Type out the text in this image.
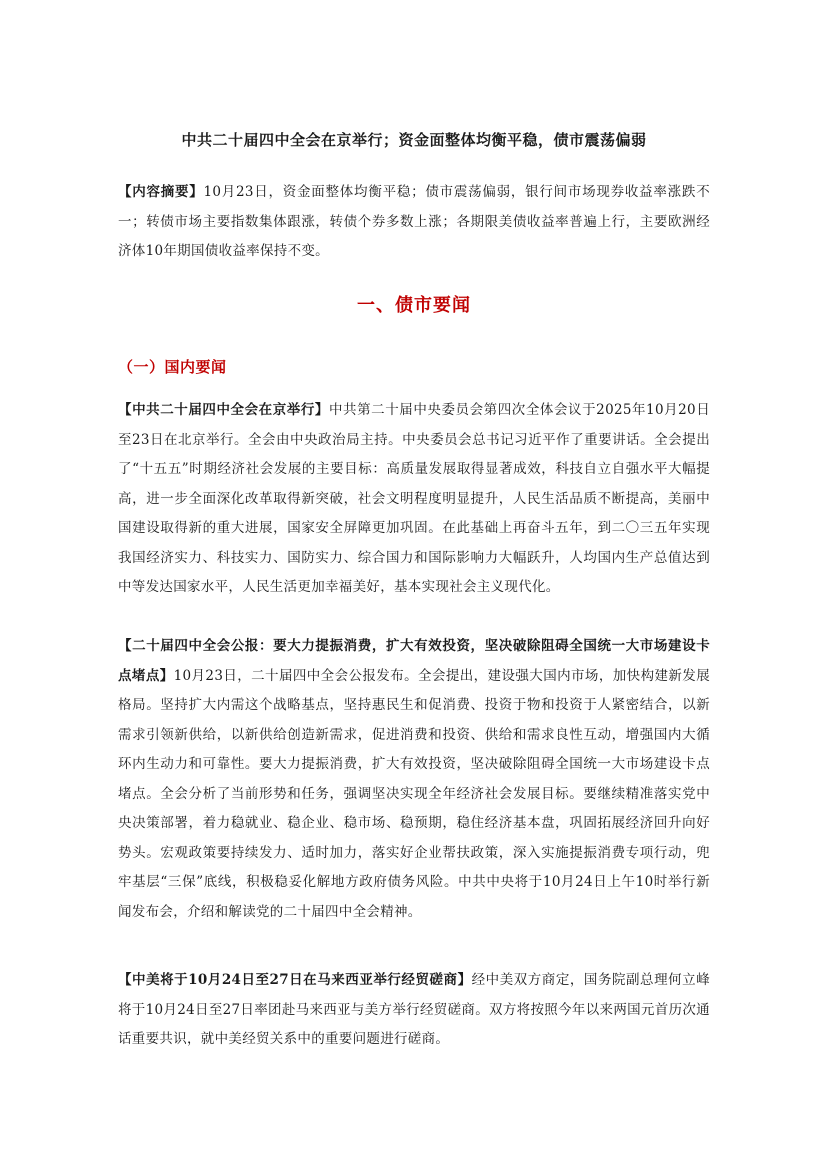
中共二十届四中全会在京举行；资金面整体均衡平稳，债市震荡偏弱

【内容摘要】10月23日，资金面整体均衡平稳；债市震荡偏弱，银行间市场现券收益率涨跌不一；转债市场主要指数集体跟涨，转债个券多数上涨；各期限美债收益率普遍上行，主要欧洲经济体10年期国债收益率保持不变。

一、债市要闻
（一）国内要闻

【中共二十届四中全会在京举行】中共第二十届中央委员会第四次全体会议于2025年10月20日至23日在北京举行。全会由中央政治局主持。中央委员会总书记习近平作了重要讲话。全会提出了“十五五”时期经济社会发展的主要目标：高质量发展取得显著成效，科技自立自强水平大幅提高，进一步全面深化改革取得新突破，社会文明程度明显提升，人民生活品质不断提高，美丽中国建设取得新的重大进展，国家安全屏障更加巩固。在此基础上再奋斗五年，到二〇三五年实现我国经济实力、科技实力、国防实力、综合国力和国际影响力大幅跃升，人均国内生产总值达到中等发达国家水平，人民生活更加幸福美好，基本实现社会主义现代化。

【二十届四中全会公报：要大力提振消费，扩大有效投资，坚决破除阻碍全国统一大市场建设卡点堵点】10月23日，二十届四中全会公报发布。全会提出，建设强大国内市场，加快构建新发展格局。坚持扩大内需这个战略基点，坚持惠民生和促消费、投资于物和投资于人紧密结合，以新需求引领新供给，以新供给创造新需求，促进消费和投资、供给和需求良性互动，增强国内大循环内生动力和可靠性。要大力提振消费，扩大有效投资，坚决破除阻碍全国统一大市场建设卡点堵点。全会分析了当前形势和任务，强调坚决实现全年经济社会发展目标。要继续精准落实党中央决策部署，着力稳就业、稳企业、稳市场、稳预期，稳住经济基本盘，巩固拓展经济回升向好势头。宏观政策要持续发力、适时加力，落实好企业帮扶政策，深入实施提振消费专项行动，兜牢基层“三保”底线，积极稳妥化解地方政府债务风险。中共中央将于10月24日上午10时举行新闻发布会，介绍和解读党的二十届四中全会精神。

【中美将于10月24日至27日在马来西亚举行经贸磋商】经中美双方商定，国务院副总理何立峰将于10月24日至27日率团赴马来西亚与美方举行经贸磋商。双方将按照今年以来两国元首历次通话重要共识，就中美经贸关系中的重要问题进行磋商。
